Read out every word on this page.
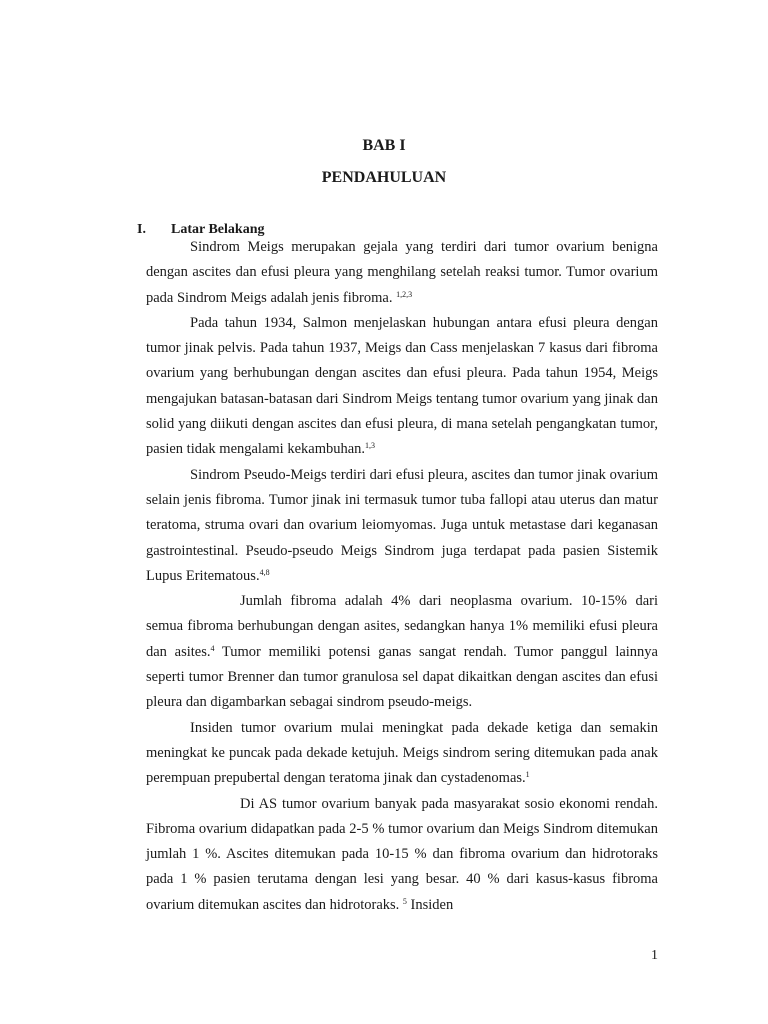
BAB I
PENDAHULUAN
I. Latar Belakang

Sindrom Meigs merupakan gejala yang terdiri dari tumor ovarium benigna dengan ascites dan efusi pleura yang menghilang setelah reaksi tumor. Tumor ovarium pada Sindrom Meigs adalah jenis fibroma. $^{1,2,3}$

Pada tahun 1934, Salmon menjelaskan hubungan antara efusi pleura dengan tumor jinak pelvis. Pada tahun 1937, Meigs dan Cass menjelaskan 7 kasus dari fibroma ovarium yang berhubungan dengan ascites dan efusi pleura. Pada tahun 1954, Meigs mengajukan batasan-batasan dari Sindrom Meigs tentang tumor ovarium yang jinak dan solid yang diikuti dengan ascites dan efusi pleura, di mana setelah pengangkatan tumor, pasien tidak mengalami kekambuhan.$^{1,3}$

Sindrom Pseudo-Meigs terdiri dari efusi pleura, ascites dan tumor jinak ovarium selain jenis fibroma. Tumor jinak ini termasuk tumor tuba fallopi atau uterus dan matur teratoma, struma ovari dan ovarium leiomyomas. Juga untuk metastase dari keganasan gastrointestinal. Pseudo-pseudo Meigs Sindrom juga terdapat pada pasien Sistemik Lupus Eritematous.$^{4,8}$

Jumlah fibroma adalah 4% dari neoplasma ovarium. 10-15% dari semua fibroma berhubungan dengan asites, sedangkan hanya 1% memiliki efusi pleura dan asites.$^4$ Tumor memiliki potensi ganas sangat rendah. Tumor panggul lainnya seperti tumor Brenner dan tumor granulosa sel dapat dikaitkan dengan ascites dan efusi pleura dan digambarkan sebagai sindrom pseudo-meigs.

Insiden tumor ovarium mulai meningkat pada dekade ketiga dan semakin meningkat ke puncak pada dekade ketujuh. Meigs sindrom sering ditemukan pada anak perempuan prepubertal dengan teratoma jinak dan cystadenomas.$^1$

Di AS tumor ovarium banyak pada masyarakat sosio ekonomi rendah. Fibroma ovarium didapatkan pada 2-5 % tumor ovarium dan Meigs Sindrom ditemukan jumlah 1 %. Ascites ditemukan pada 10-15 % dan fibroma ovarium dan hidrotoraks pada 1 % pasien terutama dengan lesi yang besar. 40 % dari kasus-kasus fibroma ovarium ditemukan ascites dan hidrotoraks. $^5$ Insiden

1
